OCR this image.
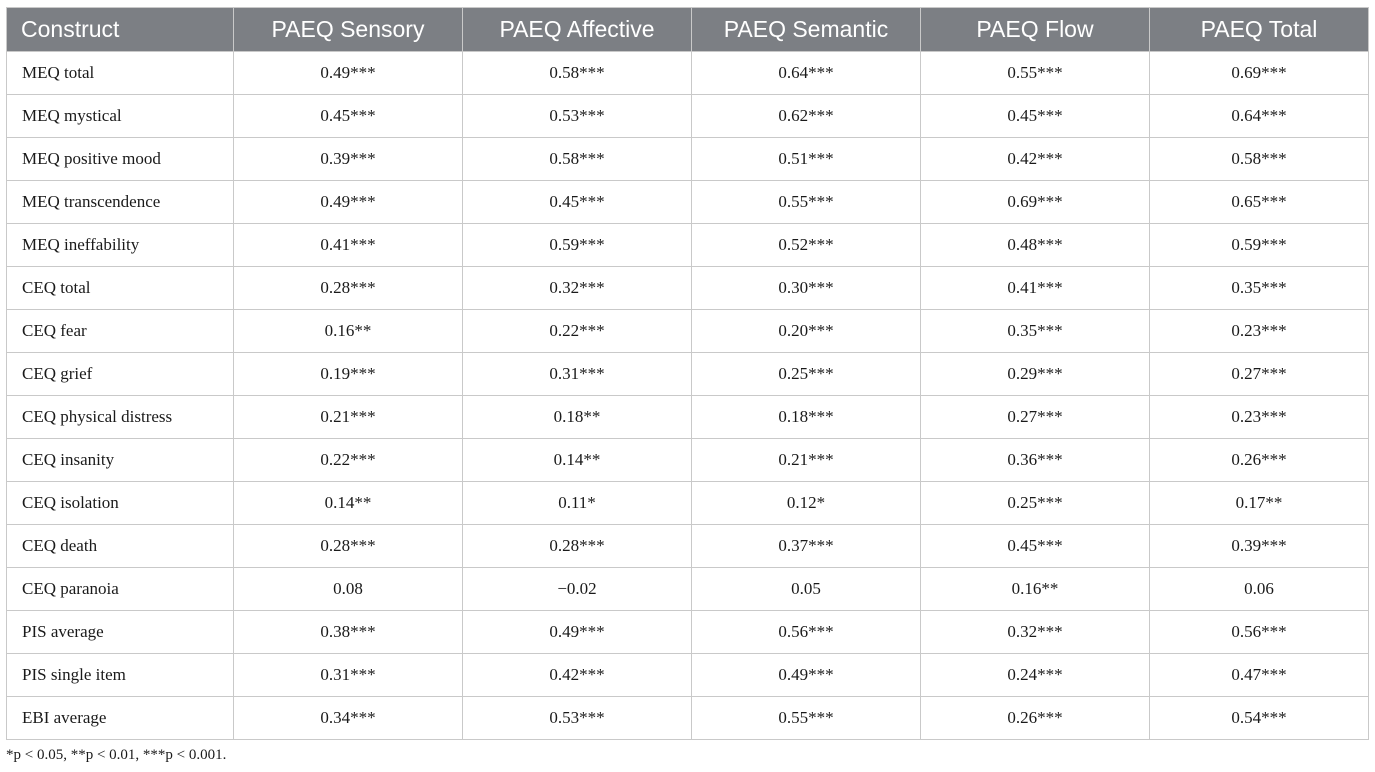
Construct	PAEQ Sensory	PAEQ Affective	PAEQ Semantic	PAEQ Flow	PAEQ Total
MEQ total	0.49***	0.58***	0.64***	0.55***	0.69***
MEQ mystical	0.45***	0.53***	0.62***	0.45***	0.64***
MEQ positive mood	0.39***	0.58***	0.51***	0.42***	0.58***
MEQ transcendence	0.49***	0.45***	0.55***	0.69***	0.65***
MEQ ineffability	0.41***	0.59***	0.52***	0.48***	0.59***
CEQ total	0.28***	0.32***	0.30***	0.41***	0.35***
CEQ fear	0.16**	0.22***	0.20***	0.35***	0.23***
CEQ grief	0.19***	0.31***	0.25***	0.29***	0.27***
CEQ physical distress	0.21***	0.18**	0.18***	0.27***	0.23***
CEQ insanity	0.22***	0.14**	0.21***	0.36***	0.26***
CEQ isolation	0.14**	0.11*	0.12*	0.25***	0.17**
CEQ death	0.28***	0.28***	0.37***	0.45***	0.39***
CEQ paranoia	0.08	−0.02	0.05	0.16**	0.06
PIS average	0.38***	0.49***	0.56***	0.32***	0.56***
PIS single item	0.31***	0.42***	0.49***	0.24***	0.47***
EBI average	0.34***	0.53***	0.55***	0.26***	0.54***
*p < 0.05, **p < 0.01, ***p < 0.001.
